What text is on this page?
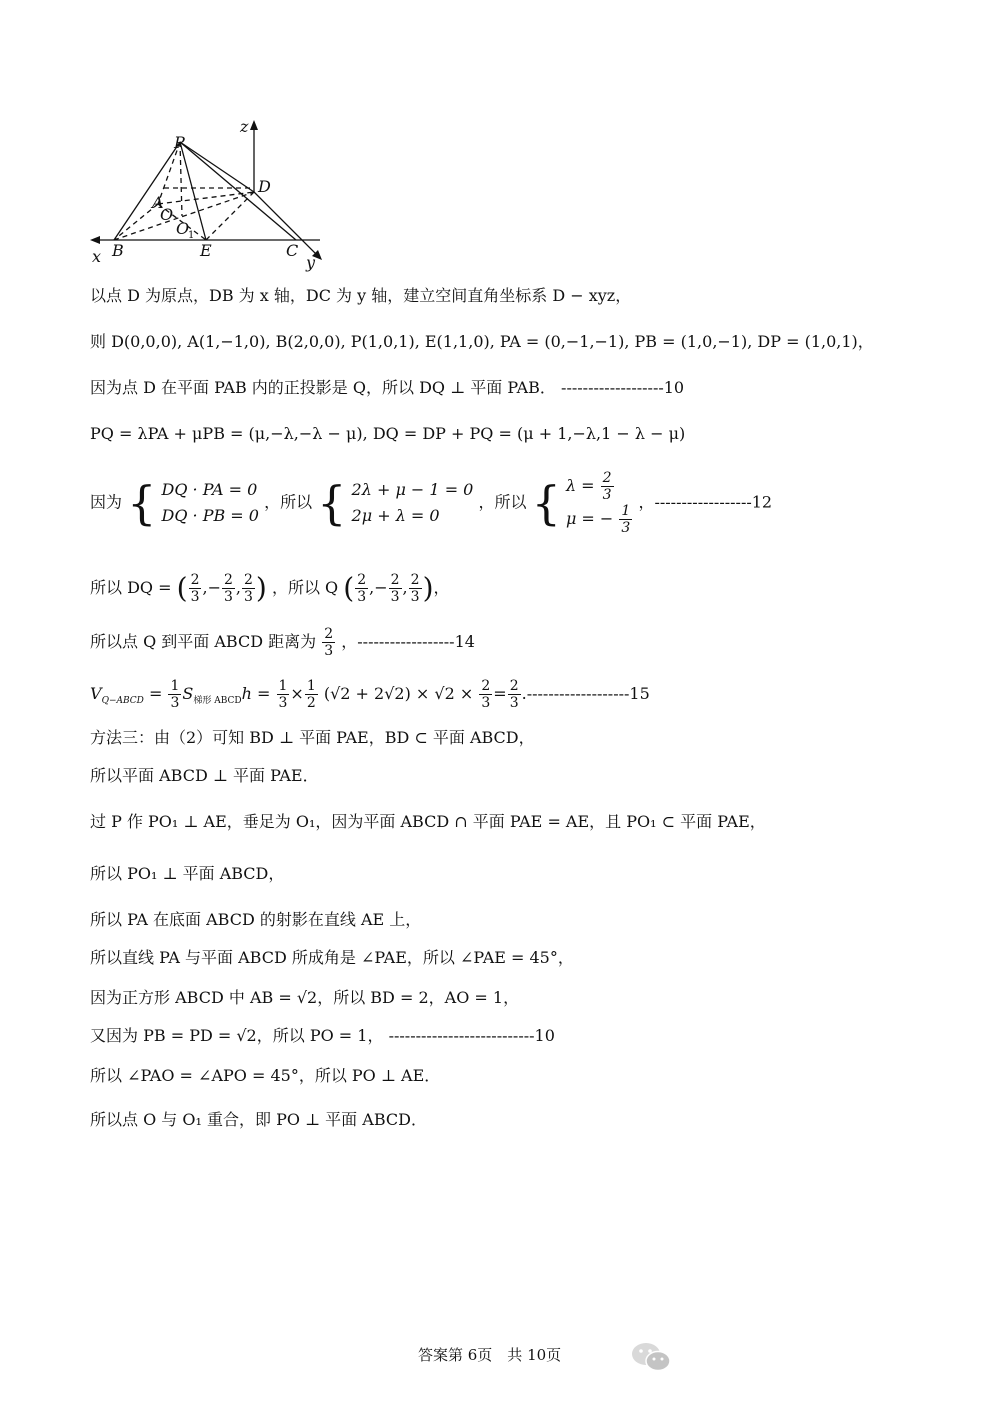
P
D
A
O
O
1
B	E	C
x	y
z
以点 D 为原点，DB 为 x 轴，DC 为 y 轴，建立空间直角坐标系 D − xyz，
则 D(0,0,0), A(1,−1,0), B(2,0,0), P(1,0,1), E(1,1,0), PA = (0,−1,−1), PB = (1,0,−1), DP = (1,0,1)，
因为点 D 在平面 PAB 内的正投影是 Q，所以 DQ ⊥ 平面 PAB． -------------------10
PQ = λPA + μPB = (μ,−λ,−λ − μ), DQ = DP + PQ = (μ + 1,−λ,1 − λ − μ)
因为 { DQ · PA = 0
DQ · PB = 0
，所以 { 2λ + μ − 1 = 0
2μ + λ = 0
，所以 { $\lambda = \frac{2}{3}$
μ = − $\frac{1}{3}$
，------------------12
所以 DQ = ( $\frac{2}{3}$ ,− $\frac{2}{3}$ , $\frac{2}{3}$ ) ，所以 Q ( $\frac{2}{3}$ ,− $\frac{2}{3}$ , $\frac{2}{3}$ )，
所以点 Q 到平面 ABCD 距离为 $\frac{2}{3}$ ，------------------14
$V_{Q-ABCD} = \frac{1}{3} S_{梯形 ABCD}h = \frac{1}{3} \times \frac{1}{2} (√2 + 2√2) \times √2 \times \frac{2}{3} = \frac{2}{3} .-------------------15$
方法三：由（2）可知 BD ⊥ 平面 PAE，BD ⊂ 平面 ABCD，
所以平面 ABCD ⊥ 平面 PAE．
过 P 作 PO₁ ⊥ AE，垂足为 O₁，因为平面 ABCD ∩ 平面 PAE = AE，且 PO₁ ⊂ 平面 PAE，
所以 PO₁ ⊥ 平面 ABCD，
所以 PA 在底面 ABCD 的射影在直线 AE 上，
所以直线 PA 与平面 ABCD 所成角是 ∠PAE，所以 ∠PAE = 45°，
因为正方形 ABCD 中 AB = √2，所以 BD = 2，AO = 1，
又因为 PB = PD = √2，所以 PO = 1， ---------------------------10
所以 ∠PAO = ∠APO = 45°，所以 PO ⊥ AE．
所以点 O 与 O₁ 重合，即 PO ⊥ 平面 ABCD．
答案第 6页　共 10页
